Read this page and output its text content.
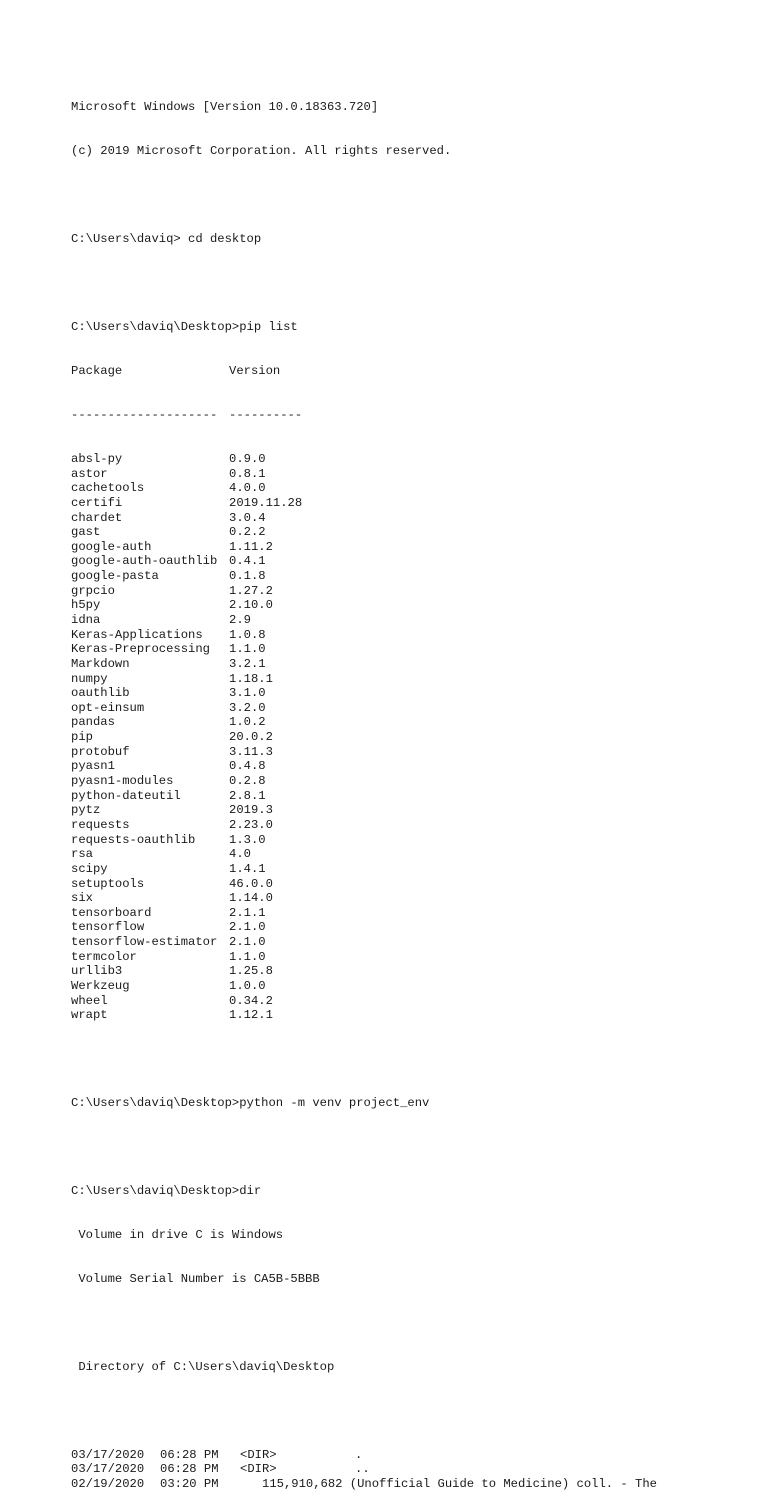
Microsoft Windows [Version 10.0.18363.720]

(c) 2019 Microsoft Corporation. All rights reserved.

C:\Users\daviq> cd desktop

C:\Users\daviq\Desktop>pip list

Package	Version

-------------------- ----------

absl-py	0.9.0
astor	0.8.1
cachetools	4.0.0
certifi	2019.11.28
chardet	3.0.4
gast	0.2.2
google-auth	1.11.2
google-auth-oauthlib 0.4.1
google-pasta	0.1.8
grpcio	1.27.2
h5py	2.10.0
idna	2.9
Keras-Applications 1.0.8
Keras-Preprocessing 1.1.0
Markdown	3.2.1
numpy	1.18.1
oauthlib	3.1.0
opt-einsum	3.2.0
pandas	1.0.2
pip	20.0.2
protobuf	3.11.3
pyasn1	0.4.8
pyasn1-modules	0.2.8
python-dateutil	2.8.1
pytz	2019.3
requests	2.23.0
requests-oauthlib	1.3.0
rsa	4.0
scipy	1.4.1
setuptools	46.0.0
six	1.14.0
tensorboard	2.1.1
tensorflow	2.1.0
tensorflow-estimator 2.1.0
termcolor	1.1.0
urllib3	1.25.8
Werkzeug	1.0.0
wheel	0.34.2
wrapt	1.12.1

C:\Users\daviq\Desktop>python -m venv project_env

C:\Users\daviq\Desktop>dir

Volume in drive C is Windows

Volume Serial Number is CA5B-5BBB

Directory of C:\Users\daviq\Desktop

03/17/2020 06:28 PM <DIR>	.
03/17/2020 06:28 PM <DIR>	..
02/19/2020 03:20 PM	115,910,682 (Unofficial Guide to Medicine) coll. - The
